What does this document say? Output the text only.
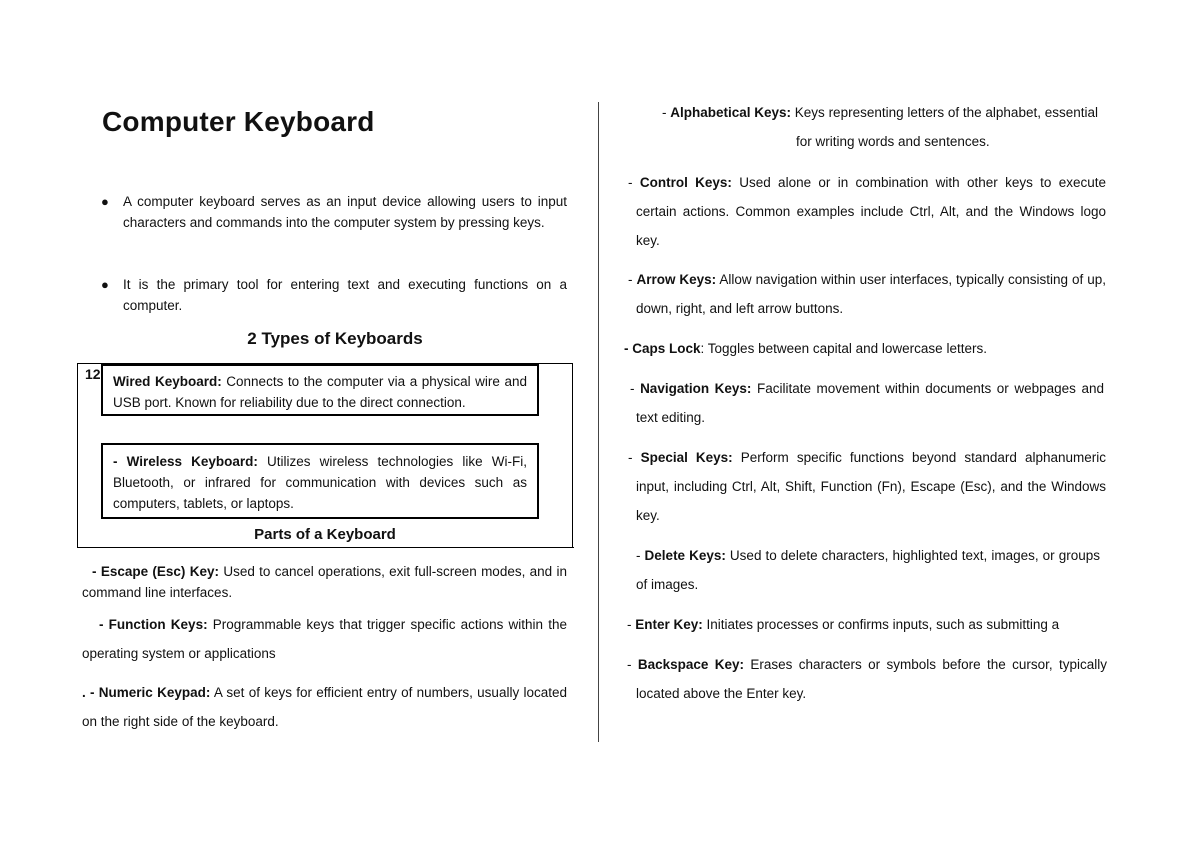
Computer Keyboard
● A computer keyboard serves as an input device allowing users to input characters and commands into the computer system by pressing keys.
● It is the primary tool for entering text and executing functions on a computer.
2 Types of Keyboards
12 Wired Keyboard: Connects to the computer via a physical wire and USB port. Known for reliability due to the direct connection.
- Wireless Keyboard: Utilizes wireless technologies like Wi-Fi, Bluetooth, or infrared for communication with devices such as computers, tablets, or laptops.
Parts of a Keyboard
- Escape (Esc) Key: Used to cancel operations, exit full-screen modes, and in command line interfaces.
- Function Keys: Programmable keys that trigger specific actions within the operating system or applications
. - Numeric Keypad: A set of keys for efficient entry of numbers, usually located on the right side of the keyboard.
- Alphabetical Keys: Keys representing letters of the alphabet, essentialfor writing words and sentences.
- Control Keys: Used alone or in combination with other keys to execute certain actions. Common examples include Ctrl, Alt, and the Windows logo key.
- Arrow Keys: Allow navigation within user interfaces, typically consisting of up, down, right, and left arrow buttons.
- Caps Lock: Toggles between capital and lowercase letters.
- Navigation Keys: Facilitate movement within documents or webpages and text editing.
- Special Keys: Perform specific functions beyond standard alphanumeric input, including Ctrl, Alt, Shift, Function (Fn), Escape (Esc), and the Windows key.
- Delete Keys: Used to delete characters, highlighted text, images, or groups of images.
- Enter Key: Initiates processes or confirms inputs, such as submitting a
- Backspace Key: Erases characters or symbols before the cursor, typically located above the Enter key.
